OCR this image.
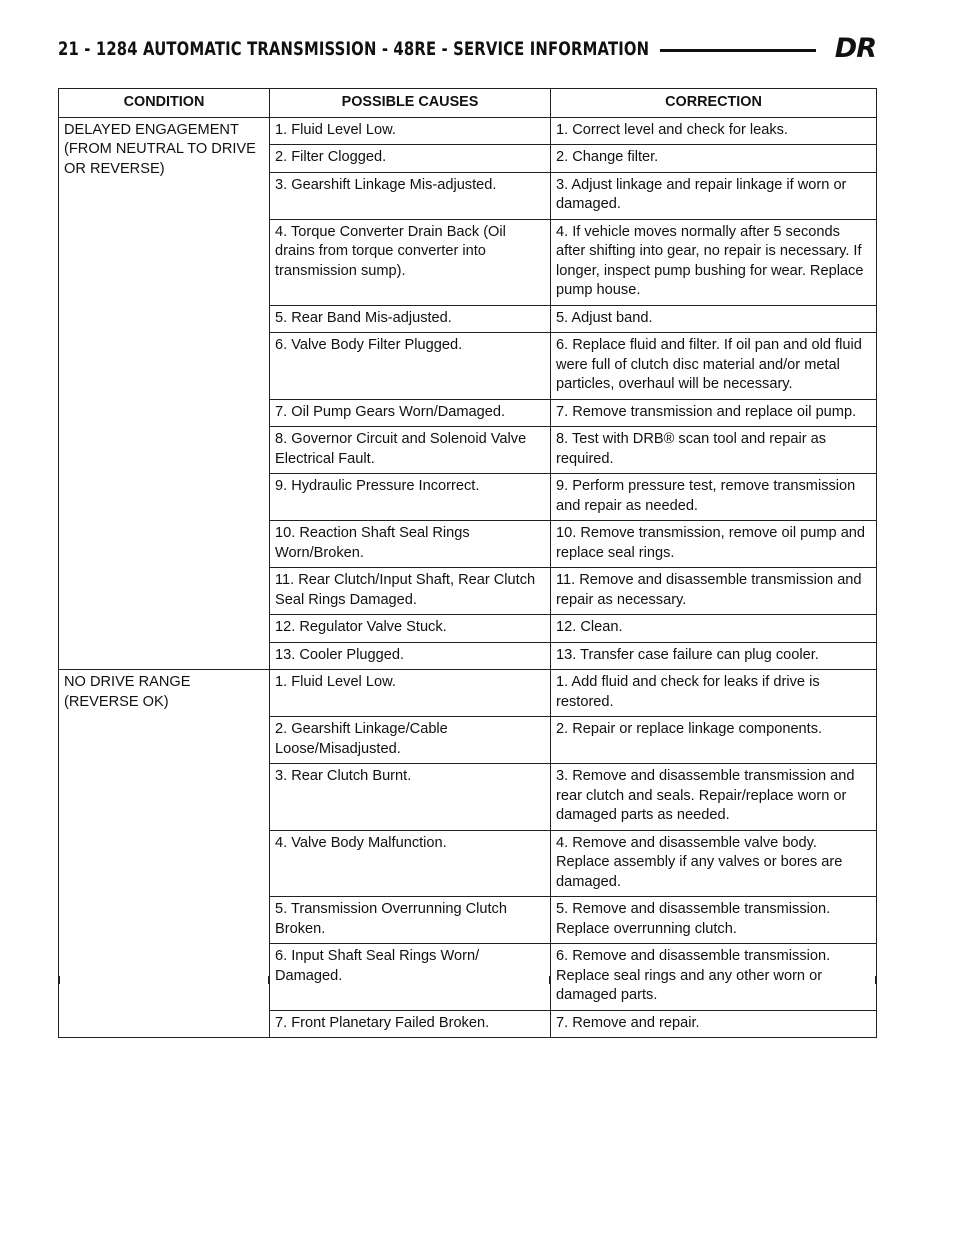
21 - 1284 AUTOMATIC TRANSMISSION - 48RE - SERVICE INFORMATION	DR
CONDITION	POSSIBLE CAUSES	CORRECTION
DELAYED ENGAGEMENT (FROM NEUTRAL TO DRIVE OR REVERSE)	1. Fluid Level Low.	1. Correct level and check for leaks.
	2. Filter Clogged.	2. Change filter.
	3. Gearshift Linkage Mis-adjusted.	3. Adjust linkage and repair linkage if worn or damaged.
	4. Torque Converter Drain Back (Oil drains from torque converter into transmission sump).	4. If vehicle moves normally after 5 seconds after shifting into gear, no repair is necessary. If longer, inspect pump bushing for wear. Replace pump house.
	5. Rear Band Mis-adjusted.	5. Adjust band.
	6. Valve Body Filter Plugged.	6. Replace fluid and filter. If oil pan and old fluid were full of clutch disc material and/or metal particles, overhaul will be necessary.
	7. Oil Pump Gears Worn/Damaged.	7. Remove transmission and replace oil pump.
	8. Governor Circuit and Solenoid Valve Electrical Fault.	8. Test with DRB® scan tool and repair as required.
	9. Hydraulic Pressure Incorrect.	9. Perform pressure test, remove transmission and repair as needed.
	10. Reaction Shaft Seal Rings Worn/Broken.	10. Remove transmission, remove oil pump and replace seal rings.
	11. Rear Clutch/Input Shaft, Rear Clutch Seal Rings Damaged.	11. Remove and disassemble transmission and repair as necessary.
	12. Regulator Valve Stuck.	12. Clean.
	13. Cooler Plugged.	13. Transfer case failure can plug cooler.
NO DRIVE RANGE (REVERSE OK)	1. Fluid Level Low.	1. Add fluid and check for leaks if drive is restored.
	2. Gearshift Linkage/Cable Loose/Misadjusted.	2. Repair or replace linkage components.
	3. Rear Clutch Burnt.	3. Remove and disassemble transmission and rear clutch and seals. Repair/replace worn or damaged parts as needed.
	4. Valve Body Malfunction.	4. Remove and disassemble valve body. Replace assembly if any valves or bores are damaged.
	5. Transmission Overrunning Clutch Broken.	5. Remove and disassemble transmission. Replace overrunning clutch.
	6. Input Shaft Seal Rings Worn/ Damaged.	6. Remove and disassemble transmission. Replace seal rings and any other worn or damaged parts.
	7. Front Planetary Failed Broken.	7. Remove and repair.
